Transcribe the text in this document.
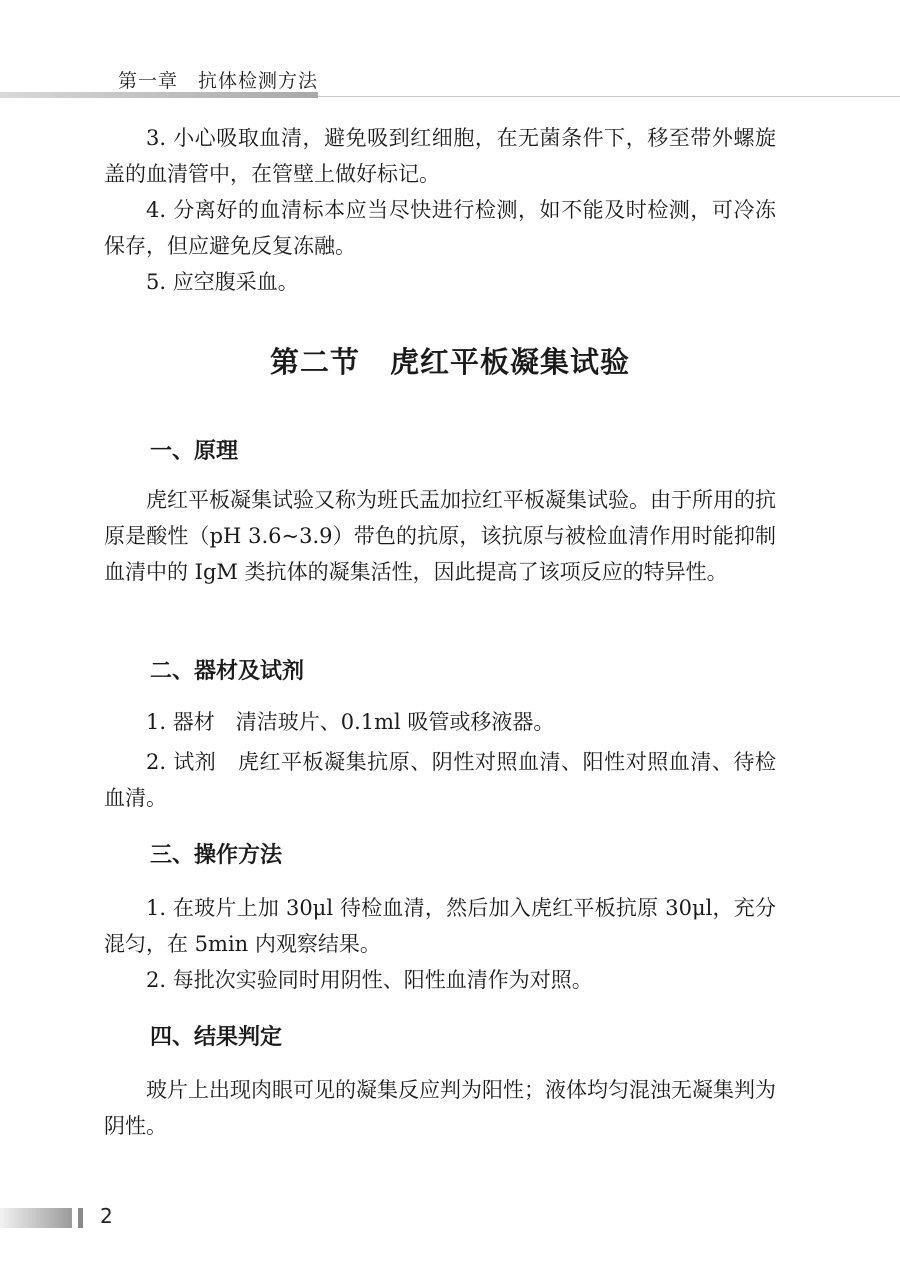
第一章　抗体检测方法

3. 小心吸取血清，避免吸到红细胞，在无菌条件下，移至带外螺旋盖的血清管中，在管壁上做好标记。

4. 分离好的血清标本应当尽快进行检测，如不能及时检测，可冷冻保存，但应避免反复冻融。

5. 应空腹采血。

第二节　虎红平板凝集试验
一、原理

虎红平板凝集试验又称为班氏盂加拉红平板凝集试验。由于所用的抗原是酸性（pH 3.6~3.9）带色的抗原，该抗原与被检血清作用时能抑制血清中的 IgM 类抗体的凝集活性，因此提高了该项反应的特异性。

二、器材及试剂

1. 器材　清洁玻片、0.1ml 吸管或移液器。

2. 试剂　虎红平板凝集抗原、阴性对照血清、阳性对照血清、待检血清。

三、操作方法

1. 在玻片上加 30μl 待检血清，然后加入虎红平板抗原 30μl，充分混匀，在 5min 内观察结果。

2. 每批次实验同时用阴性、阳性血清作为对照。

四、结果判定

玻片上出现肉眼可见的凝集反应判为阳性；液体均匀混浊无凝集判为阴性。

2
